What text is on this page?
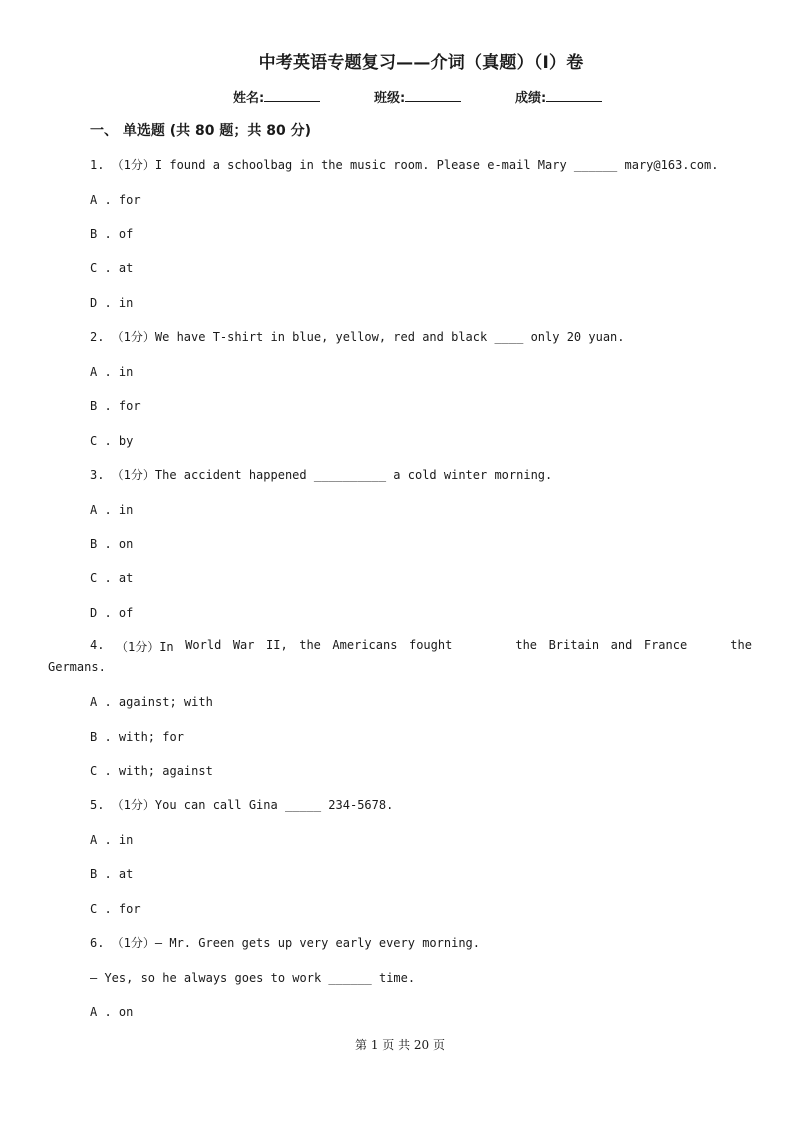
中考英语专题复习——介词（真题）（I）卷
姓名:	班级:	成绩:
一、 单选题 (共 80 题；共 80 分)
1. （1分）I found a schoolbag in the music room. Please e-mail Mary ______ mary@163.com.
A . for
B . of
C . at
D . in
2. （1分）We have T-shirt in blue, yellow, red and black ____ only 20 yuan.
A . in
B . for
C . by
3. （1分）The accident happened __________ a cold winter morning.
A . in
B . on
C . at
D . of
4. （1分）In World War II, the Americans fought	the Britain and France	the
Germans.
A . against; with
B . with; for
C . with; against
5. （1分）You can call Gina _____ 234-5678.
A . in
B . at
C . for
6. （1分）— Mr. Green gets up very early every morning.
— Yes, so he always goes to work ______ time.
A . on
第 1 页 共 20 页
